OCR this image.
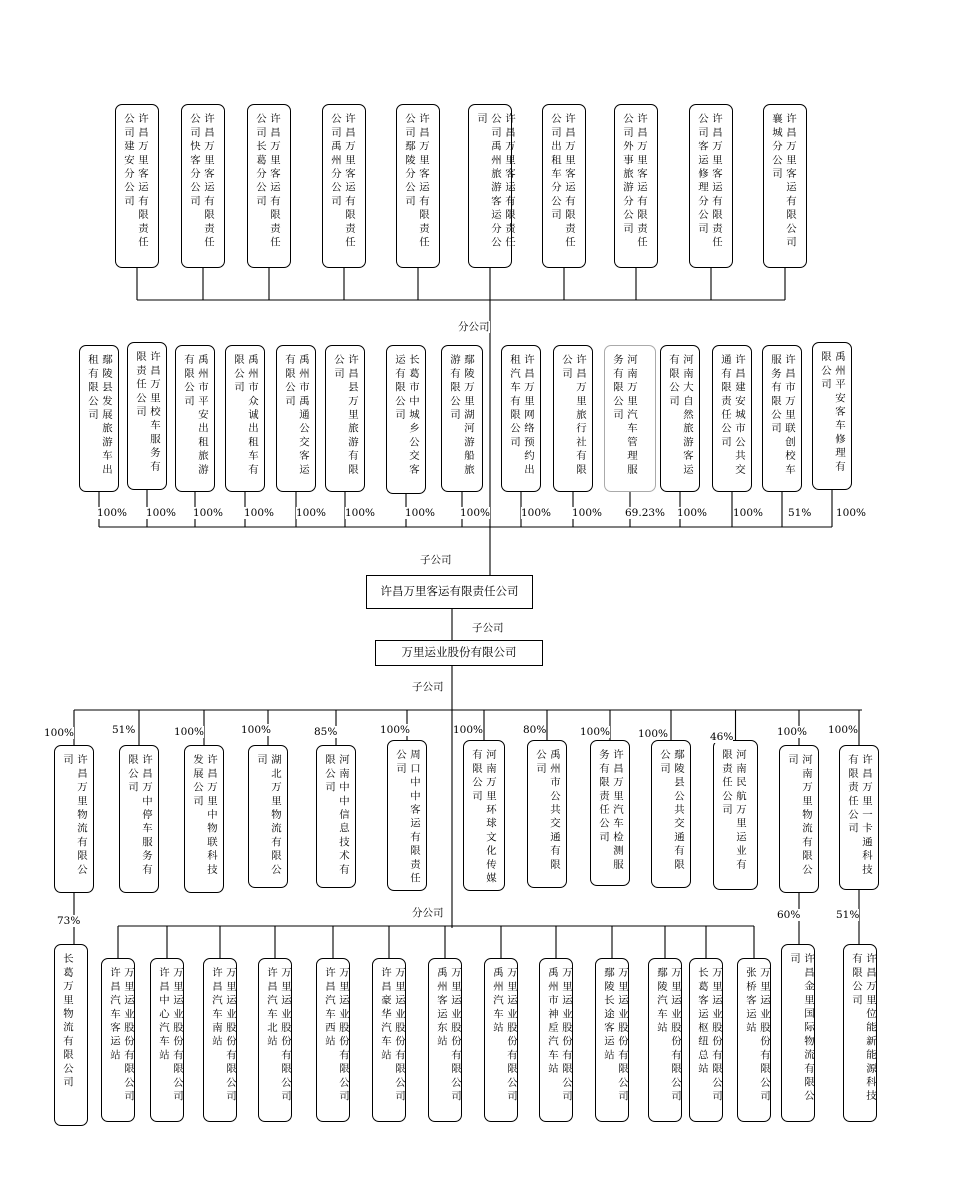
许昌万里客运有限责任公司建安分公司	许昌万里客运有限责任公司快客分公司	许昌万里客运有限责任公司长葛分公司	许昌万里客运有限责任公司禹州分公司	许昌万里客运有限责任公司鄢陵分公司	许昌万里客运有限责任公司禹州旅游客运分公司	许昌万里客运有限责任公司出租车分公司	许昌万里客运有限责任公司外事旅游分公司	许昌万里客运有限责任公司客运修理分公司	许昌万里客运有限公司襄城分公司
分公司
鄢陵县发展旅游车出租有限公司
100%
许昌万里校车服务有限责任公司
100%
禹州市平安出租旅游有限公司
100%
禹州市众诚出租车有限公司
100%
禹州市禹通公交客运有限公司
100%
许昌县万里旅游有限公司
100%
长葛市中城乡公交客运有限公司
100%
鄢陵万里湖河游船旅游有限公司
100%
许昌万里网络预约出租汽车有限公司
100%
许昌万里旅行社有限公司
100%
河南万里汽车管理服务有限公司
69.23%
河南大自然旅游客运有限公司
100%
许昌建安城市公共交通有限责任公司
100%
许昌市万里联创校车服务有限公司
51%
禹州平安客车修理有限公司
100%
子公司
许昌万里客运有限责任公司
子公司
万里运业股份有限公司
子公司
许昌万里物流有限公司
100%
许昌万中停车服务有限公司
51%
许昌万里中物联科技发展公司
100%
湖北万里物流有限公司
100%
河南中中信息技术有限公司
85%
周口中中客运有限责任公司
100%
河南万里环球文化传媒有限公司
100%
禹州市公共交通有限公司
80%
许昌万里汽车检测服务有限责任公司
100%
鄢陵县公共交通有限公司
100%
河南民航万里运业有限责任公司
46%
河南万里物流有限公司
100%
许昌万里一卡通科技有限责任公司
100%
万里运业股份有限公司许昌汽车客运站	万里运业股份有限公司许昌中心汽车站	万里运业股份有限公司许昌汽车南站	万里运业股份有限公司许昌汽车北站	万里运业股份有限公司许昌汽车西站	万里运业股份有限公司许昌豪华汽车站	万里运业股份有限公司禹州客运东站	万里运业股份有限公司禹州汽车站	万里运业股份有限公司禹州市神垕汽车站	万里运业股份有限公司鄢陵长途客运站	万里运业股份有限公司鄢陵汽车站	万里运业股份有限公司长葛客运枢纽总站	万里运业股份有限公司张桥客运站
分公司
长葛万里物流有限公司
73%
许昌金里国际物流有限公司
60%
许昌万里位能新能源科技有限公司
51%
